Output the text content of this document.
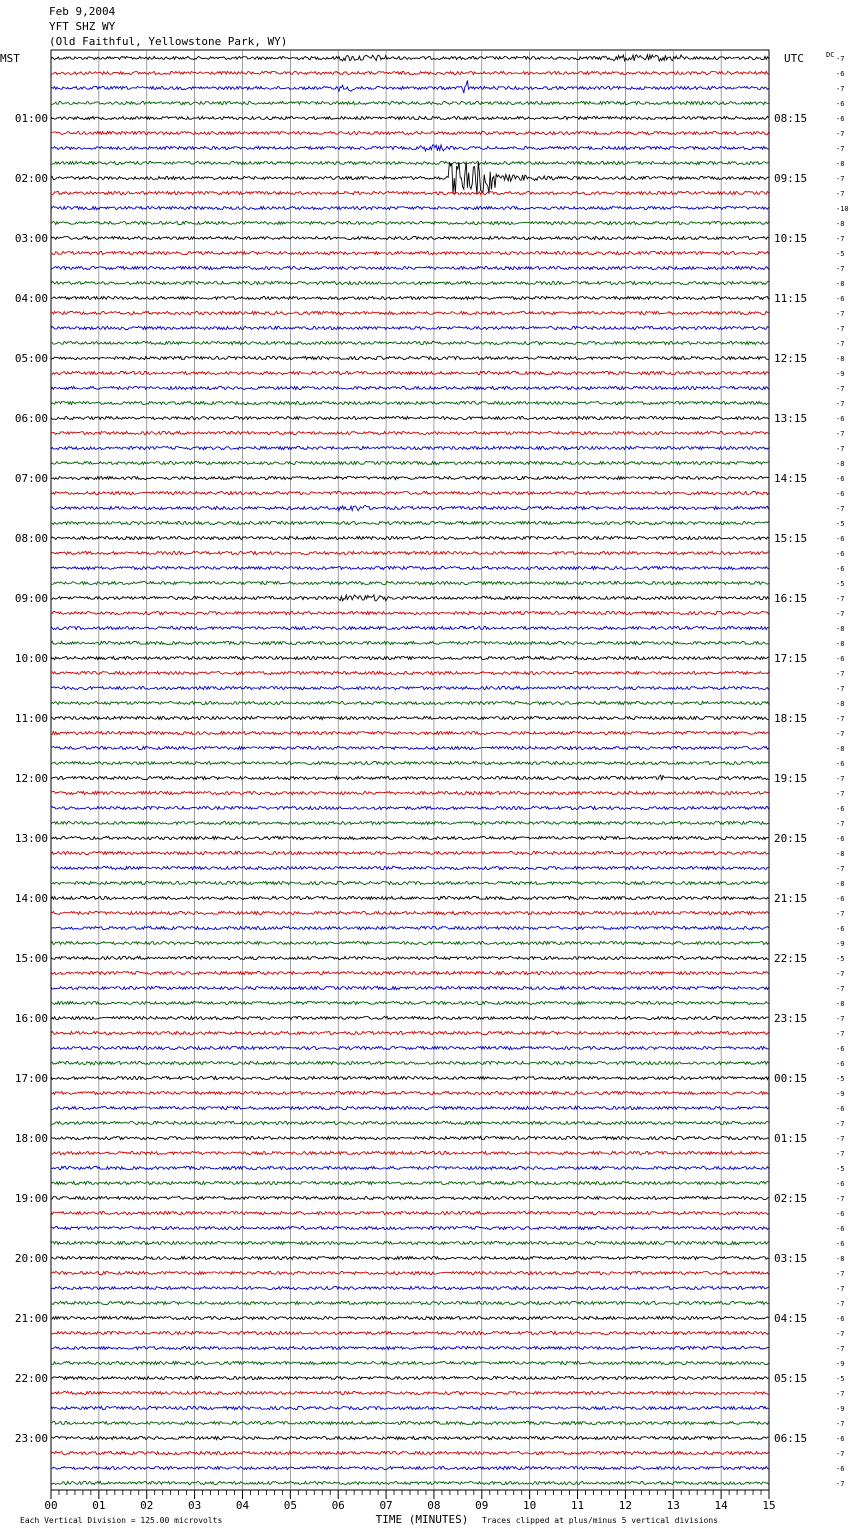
Feb 9,2004
YFT SHZ WY
(Old Faithful, Yellowstone Park, WY)
-7
-6
-7
-6
-6
-7
-7
-8
-7
-7
-10
-8
-7
-5
-7
-8
-6
-7
-7
-7
-8
-9
-7
-7
-6
-7
-7
-8
-6
-6
-7
-5
-6
-6
-6
-5
-7
-7
-8
-8
-6
-7
-7
-8
-7
-7
-8
-6
-7
-7
-6
-7
-6
-8
-7
-8
-6
-7
-6
-9
-5
-7
-7
-8
-7
-7
-6
-6
-5
-9
-6
-7
-7
-7
-5
-6
-7
-6
-6
-6
-8
-7
-7
-7
-6
-7
-7
-9
-5
-7
-9
-7
-6
-7
-6
-7
DC
MST	UTC
01:00
02:00
03:00
04:00
05:00
06:00
07:00
08:00
09:00
10:00
11:00
12:00
13:00
14:00
15:00
16:00
17:00
18:00
19:00
20:00
21:00
22:00
23:00
08:15
09:15
10:15
11:15
12:15
13:15
14:15
15:15
16:15
17:15
18:15
19:15
20:15
21:15
22:15
23:15
00:15
01:15
02:15
03:15
04:15
05:15
06:15
00	01	02	03	04	05	06	07	08	09	10	11	12	13	14	15
TIME (MINUTES)
Each Vertical Division = 125.00 microvolts	Traces clipped at plus/minus 5 vertical divisions
